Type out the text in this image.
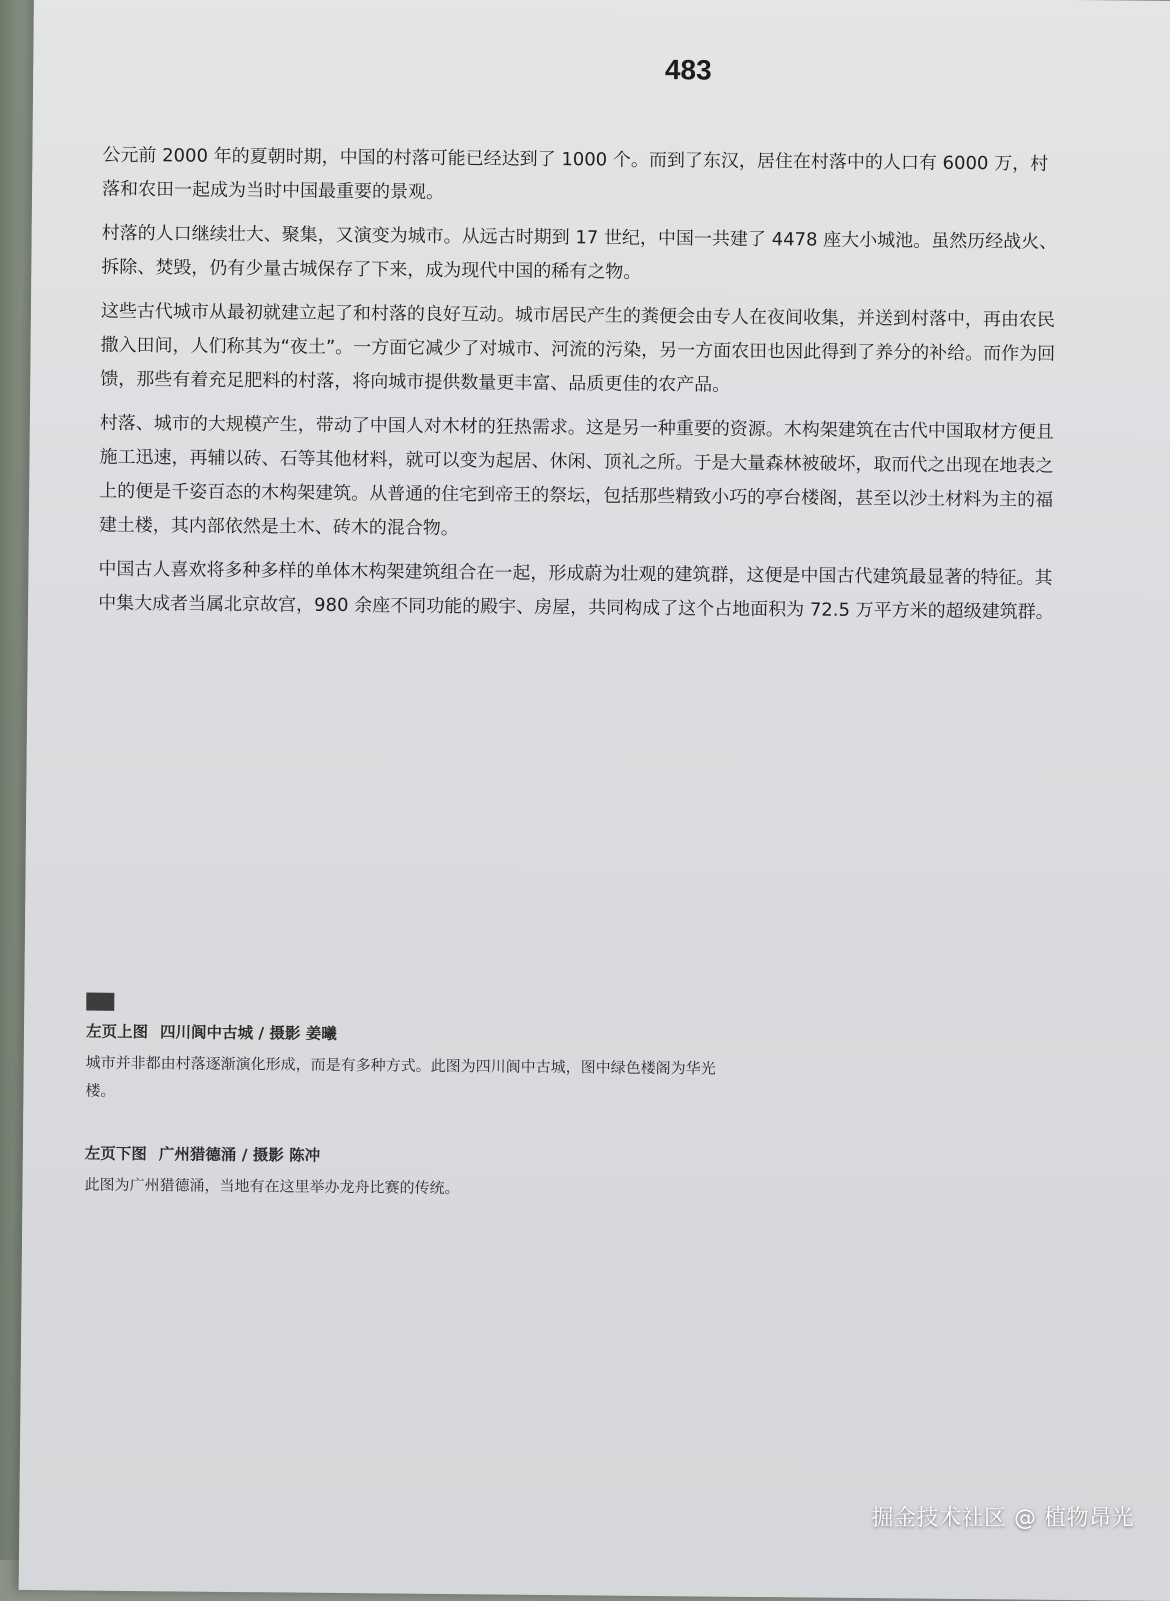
483

公元前 2000 年的夏朝时期，中国的村落可能已经达到了 1000 个。而到了东汉，居住在村落中的人口有 6000 万，村落和农田一起成为当时中国最重要的景观。

村落的人口继续壮大、聚集，又演变为城市。从远古时期到 17 世纪，中国一共建了 4478 座大小城池。虽然历经战火、拆除、焚毁，仍有少量古城保存了下来，成为现代中国的稀有之物。

这些古代城市从最初就建立起了和村落的良好互动。城市居民产生的粪便会由专人在夜间收集，并送到村落中，再由农民撒入田间，人们称其为“夜土”。一方面它减少了对城市、河流的污染，另一方面农田也因此得到了养分的补给。而作为回馈，那些有着充足肥料的村落，将向城市提供数量更丰富、品质更佳的农产品。

村落、城市的大规模产生，带动了中国人对木材的狂热需求。这是另一种重要的资源。木构架建筑在古代中国取材方便且施工迅速，再辅以砖、石等其他材料，就可以变为起居、休闲、顶礼之所。于是大量森林被破坏，取而代之出现在地表之上的便是千姿百态的木构架建筑。从普通的住宅到帝王的祭坛，包括那些精致小巧的亭台楼阁，甚至以沙土材料为主的福建土楼，其内部依然是土木、砖木的混合物。

中国古人喜欢将多种多样的单体木构架建筑组合在一起，形成蔚为壮观的建筑群，这便是中国古代建筑最显著的特征。其中集大成者当属北京故宫，980 余座不同功能的殿宇、房屋，共同构成了这个占地面积为 72.5 万平方米的超级建筑群。

左页上图 四川阆中古城 / 摄影 姜曦

城市并非都由村落逐渐演化形成，而是有多种方式。此图为四川阆中古城，图中绿色楼阁为华光楼。

左页下图 广州猎德涌 / 摄影 陈冲

此图为广州猎德涌，当地有在这里举办龙舟比赛的传统。

掘金技术社区 @ 植物昂光
